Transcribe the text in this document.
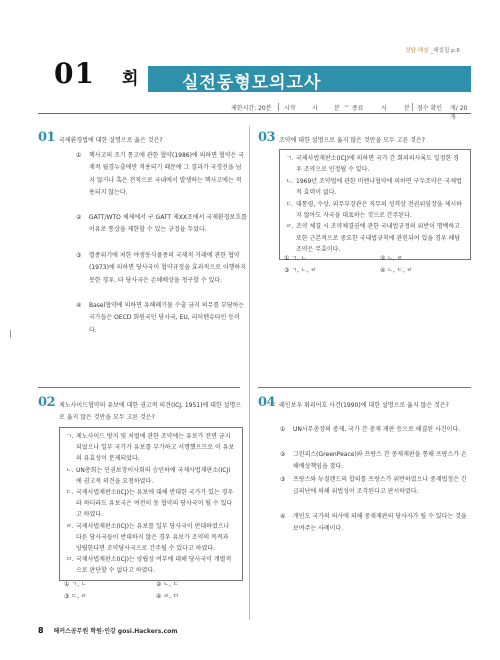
정답·해설 _해설집 p.6
01 회	실전동형모의고사
제한시간: 20분 시작	시	분 ~ 종료	시	분 점수 확인 개/ 20개
01 국제환경법에 대한 설명으로 옳은 것은?
① 핵사고의 조기 통고에 관한 협약(1986)에 의하면 협약은 국제적 월경누출에만 적용되기 때문에 그 결과가 국경선을 넘지 않거나 혹은 전적으로 국내에서 발생하는 핵사고에는 적용되지 않는다.
② GATT/WTO 체제에서 구 GATT 제XX조에서 국제환경보호를 이유로 통상을 제한할 수 있는 규정을 두었다.
③ 멸종위기에 처한 야생동식물종의 국제적 거래에 관한 협약(1973)에 의하면 당사국이 협약규정을 효과적으로 이행하지 못한 경우, 타 당사국은 손해배상을 청구할 수 있다.
④ Basel협약에 의하면 유해폐기물 수출 금지 의무를 부담하는 국가들은 OECD 회원국인 당사국, EU, 리히텐슈타인 등이다.
03 조약에 대한 설명으로 옳지 않은 것만을 모두 고른 것은?
ㄱ. 국제사법재판소(ICJ)에 의하면 국가 간 회의의사록도 일정한 경우 조약으로 인정될 수 있다.
ㄴ. 1969년 조약법에 관한 비엔나협약에 의하면 구두조약은 국제법적 효력이 없다.
ㄷ. 대통령, 수상, 외무부장관은 직무의 성격상 전권위임장을 제시하지 않아도 자국을 대표하는 것으로 간주된다.
ㄹ. 조약 체결 시 조약체결권에 관한 국내법규정의 위반이 명백하고 또한 근본적으로 중요한 국내법규칙에 관련되어 있을 경우 해당 조약은 무효이다.
① ㄱ, ㄴ	② ㄴ, ㄹ
③ ㄱ, ㄴ, ㄹ	④ ㄴ, ㄷ, ㄹ
02 제노사이드협약의 유보에 대한 권고적 의견(ICJ, 1951)에 대한 설명으로 옳지 않은 것만을 모두 고른 것은?
ㄱ. 제노사이드 방지 및 처벌에 관한 조약에는 유보가 전면 금지되었으나 일부 국가가 유보를 부가하고 서명했으므로 이 유보의 유효성이 문제되었다.
ㄴ. UN총회는 인권보장이사회의 승인하에 국제사법재판소(ICJ)에 권고적 의견을 요청하였다.
ㄷ. 국제사법재판소(ICJ)는 유보에 대해 반대한 국가가 있는 경우라 하더라도 유보국은 여전히 동 협약의 당사국이 될 수 있다고 하였다.
ㄹ. 국제사법재판소(ICJ)는 유보를 일부 당사국이 반대하였으나 다른 당사국들이 반대하지 않은 경우 유보가 조약의 목적과 양립한다면 조약당사국으로 간주될 수 있다고 하였다.
ㅁ. 국제사법재판소(ICJ)는 양립성 여부에 대해 당사국이 개별적으로 판단할 수 없다고 하였다.
① ㄱ, ㄴ	② ㄴ, ㄷ
③ ㄷ, ㄹ	④ ㄹ, ㅁ
04 레인보우 워리어호 사건(1990)에 대한 설명으로 옳지 않은 것은?
① UN사무총장의 중재, 국가 간 중재 재판 등으로 해결된 사건이다.
② 그린피스(GreenPeace)와 프랑스 간 중재재판을 통해 프랑스가 손해배상책임을 졌다.
③ 프랑스와 뉴질랜드의 합의를 프랑스가 위반하였으나 중재법정은 긴급피난에 의해 위법성이 조각된다고 판시하였다.
④ 개인도 국가의 의사에 의해 중재재판의 당사자가 될 수 있다는 것을 보여주는 사례이다.
8 해커스공무원 학원·인강 gosi.Hackers.com
